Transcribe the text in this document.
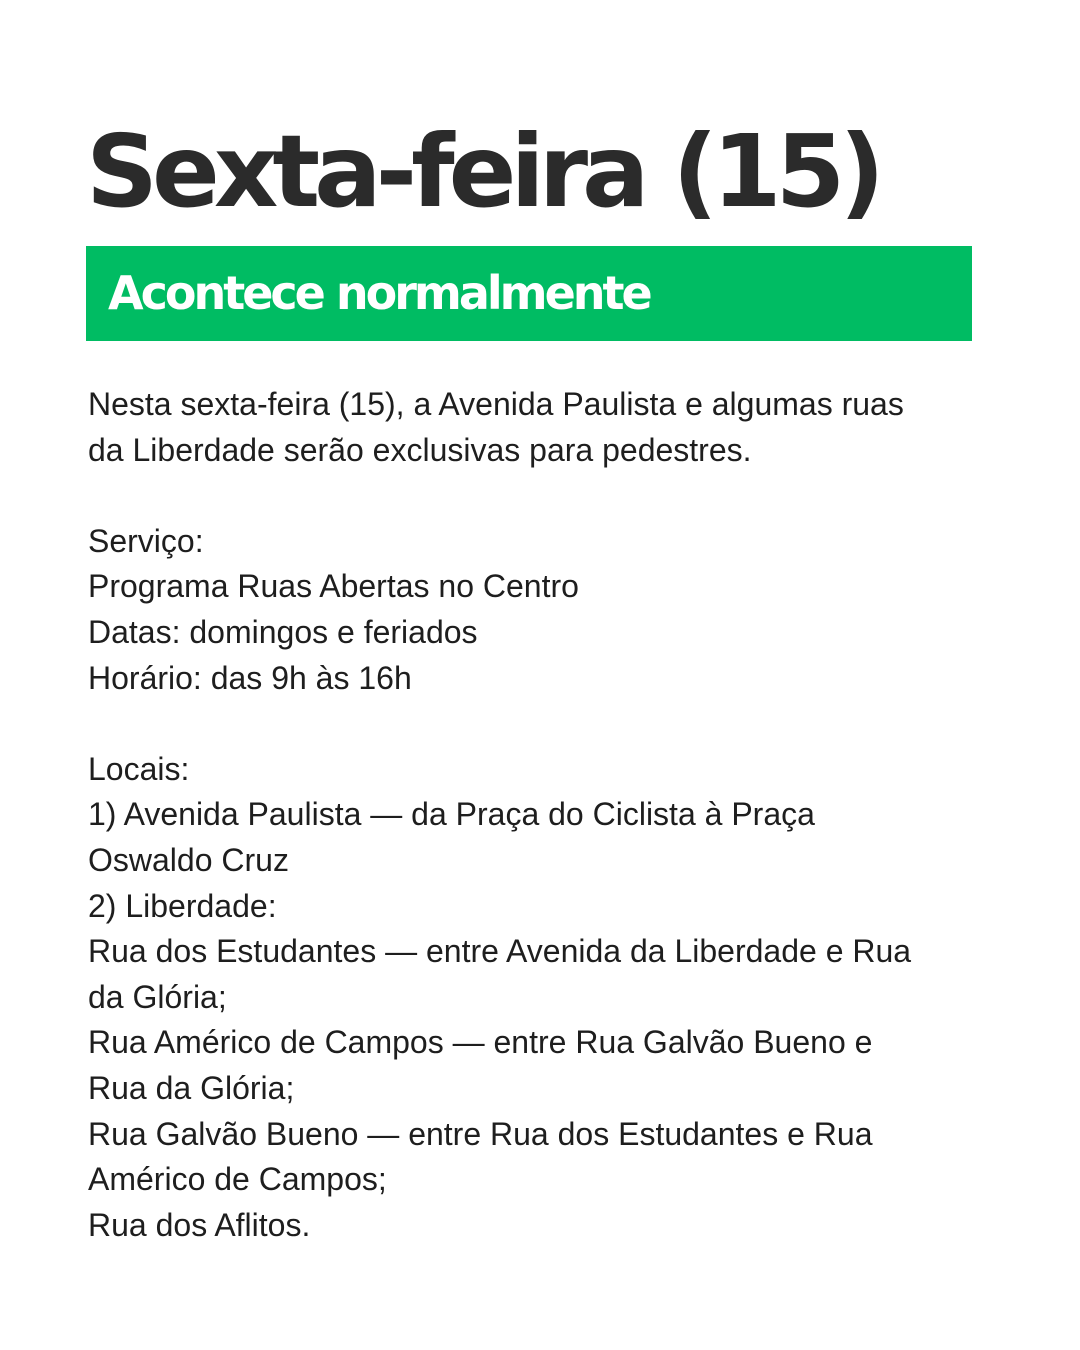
Sexta-feira (15)
Acontece normalmente
Nesta sexta-feira (15), a Avenida Paulista e algumas ruas
da Liberdade serão exclusivas para pedestres.
Serviço:
Programa Ruas Abertas no Centro
Datas: domingos e feriados
Horário: das 9h às 16h
Locais:
1) Avenida Paulista — da Praça do Ciclista à Praça
Oswaldo Cruz
2) Liberdade:
Rua dos Estudantes — entre Avenida da Liberdade e Rua
da Glória;
Rua Américo de Campos — entre Rua Galvão Bueno e
Rua da Glória;
Rua Galvão Bueno — entre Rua dos Estudantes e Rua
Américo de Campos;
Rua dos Aflitos.
